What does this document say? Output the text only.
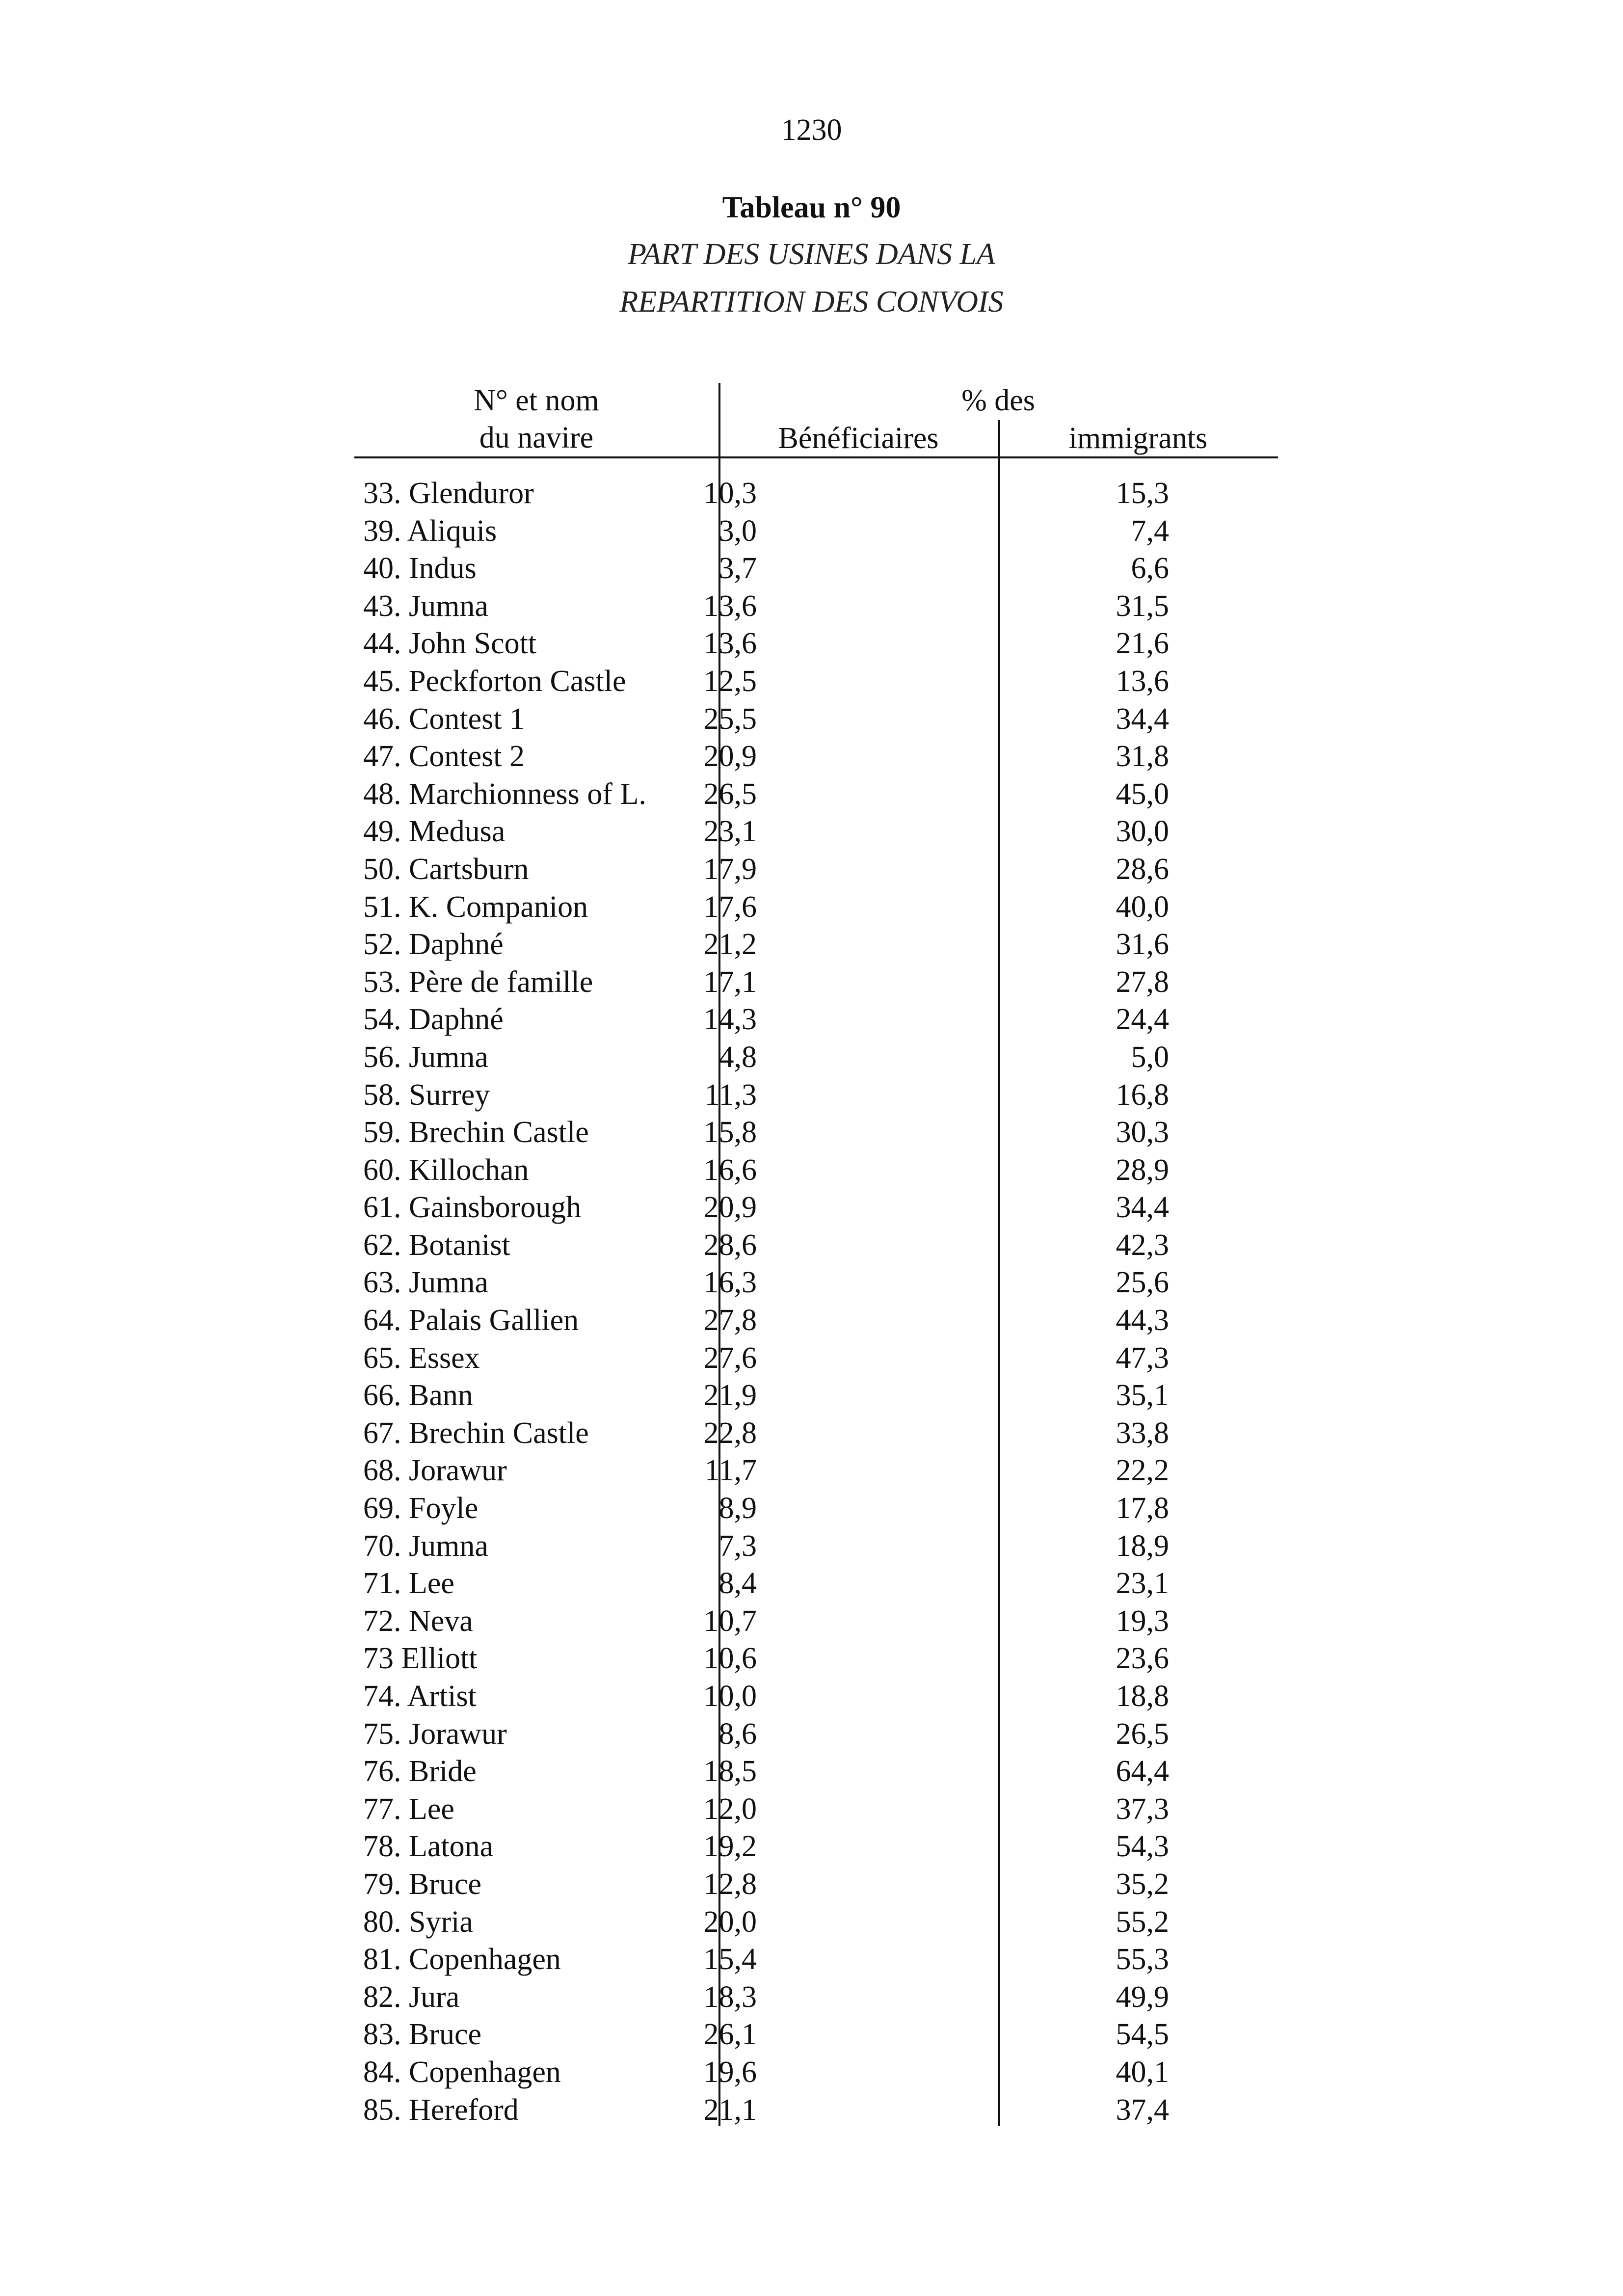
1230
Tableau n° 90
PART DES USINES DANS LA
REPARTITION DES CONVOIS
N° et nom
du navire
% des
Bénéficiaires	immigrants
33. Glenduror	10,3	15,3
39. Aliquis	3,0	7,4
40. Indus	3,7	6,6
43. Jumna	13,6	31,5
44. John Scott	13,6	21,6
45. Peckforton Castle	12,5	13,6
46. Contest 1	25,5	34,4
47. Contest 2	20,9	31,8
48. Marchionness of L. 26,5	45,0
49. Medusa	23,1	30,0
50. Cartsburn	17,9	28,6
51. K. Companion	17,6	40,0
52. Daphné	21,2	31,6
53. Père de famille	17,1	27,8
54. Daphné	14,3	24,4
56. Jumna	4,8	5,0
58. Surrey	11,3	16,8
59. Brechin Castle	15,8	30,3
60. Killochan	16,6	28,9
61. Gainsborough	20,9	34,4
62. Botanist	28,6	42,3
63. Jumna	16,3	25,6
64. Palais Gallien	27,8	44,3
65. Essex	27,6	47,3
66. Bann	21,9	35,1
67. Brechin Castle	22,8	33,8
68. Jorawur	11,7	22,2
69. Foyle	8,9	17,8
70. Jumna	7,3	18,9
71. Lee	8,4	23,1
72. Neva	10,7	19,3
73 Elliott	10,6	23,6
74. Artist	10,0	18,8
75. Jorawur	8,6	26,5
76. Bride	18,5	64,4
77. Lee	12,0	37,3
78. Latona	19,2	54,3
79. Bruce	12,8	35,2
80. Syria	20,0	55,2
81. Copenhagen	15,4	55,3
82. Jura	18,3	49,9
83. Bruce	26,1	54,5
84. Copenhagen	19,6	40,1
85. Hereford	21,1	37,4
